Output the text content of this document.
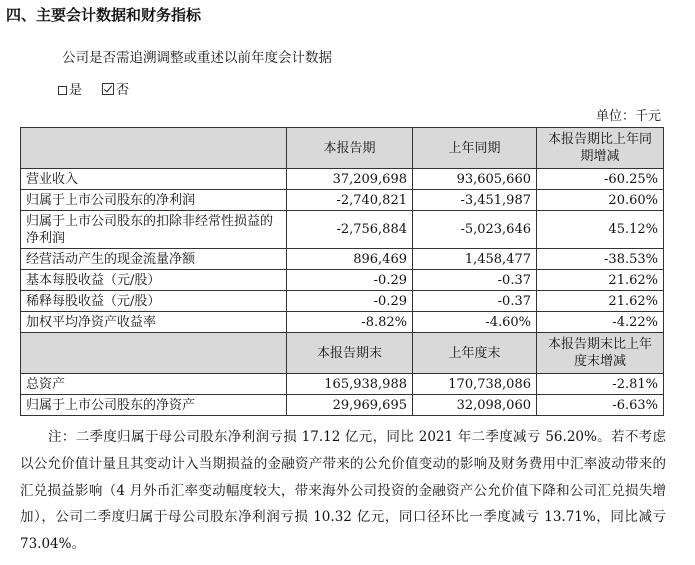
四、主要会计数据和财务指标
公司是否需追溯调整或重述以前年度会计数据
是	否
单位：千元
	本报告期	上年同期	本报告期比上年同期增减
营业收入	37,209,698	93,605,660	-60.25%
归属于上市公司股东的净利润	-2,740,821	-3,451,987	20.60%
归属于上市公司股东的扣除非经常性损益的净利润	-2,756,884	-5,023,646	45.12%
经营活动产生的现金流量净额	896,469	1,458,477	-38.53%
基本每股收益（元/股）	-0.29	-0.37	21.62%
稀释每股收益（元/股）	-0.29	-0.37	21.62%
加权平均净资产收益率	-8.82%	-4.60%	-4.22%
	本报告期末	上年度末	本报告期末比上年度末增减
总资产	165,938,988	170,738,086	-2.81%
归属于上市公司股东的净资产	29,969,695	32,098,060	-6.63%
注：二季度归属于母公司股东净利润亏损 17.12 亿元，同比 2021 年二季度减亏 56.20%。若不考虑以公允价值计量且其变动计入当期损益的金融资产带来的公允价值变动的影响及财务费用中汇率波动带来的汇兑损益影响（4 月外币汇率变动幅度较大，带来海外公司投资的金融资产公允价值下降和公司汇兑损失增加），公司二季度归属于母公司股东净利润亏损 10.32 亿元，同口径环比一季度减亏 13.71%，同比减亏 73.04%。
